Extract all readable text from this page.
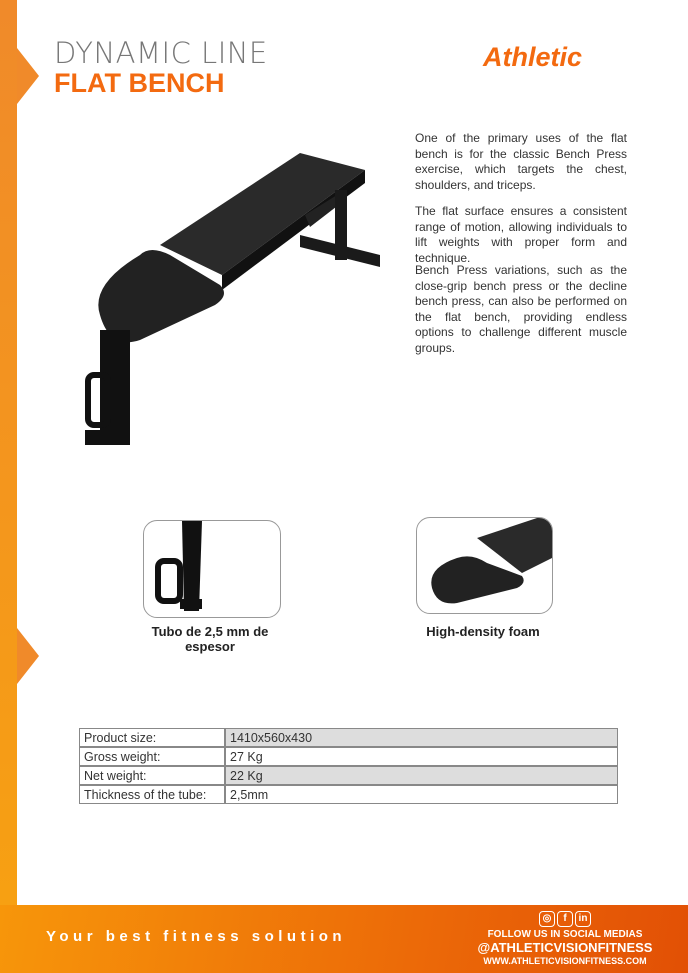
DYNAMIC LINE
FLAT BENCH
Athletic
One of the primary uses of the flat bench is for the classic Bench Press exercise, which targets the chest, shoulders, and triceps.
The flat surface ensures a consistent range of motion, allowing individuals to lift weights with proper form and technique.
Bench Press variations, such as the close-grip bench press or the decline bench press, can also be performed on the flat bench, providing endless options to challenge different muscle groups.
Tubo de 2,5 mm de espesor
High-density foam
Product size:	1410x560x430
Gross weight:	27 Kg
Net weight:	22 Kg
Thickness of the tube:	2,5mm
Your best fitness solution
◎ f in
FOLLOW US IN SOCIAL MEDIAS
@ATHLETICVISIONFITNESS
WWW.ATHLETICVISIONFITNESS.COM
